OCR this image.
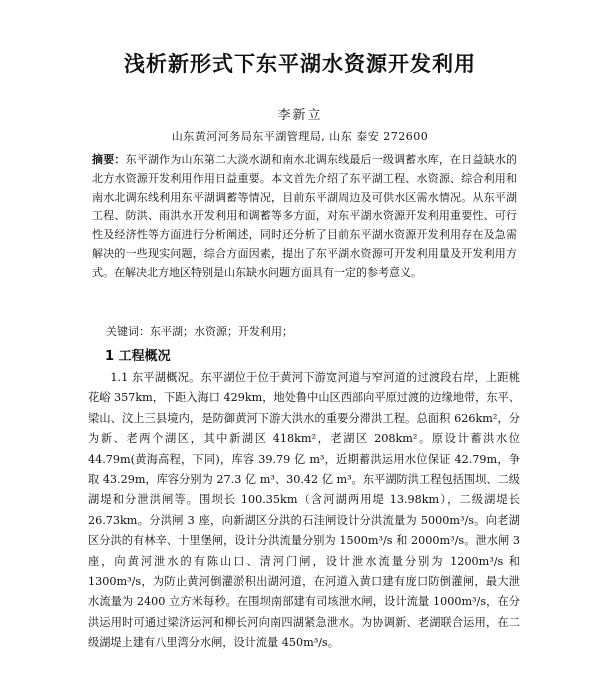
浅析新形式下东平湖水资源开发利用
李新立
山东黄河河务局东平湖管理局, 山东 泰安 272600
摘要：东平湖作为山东第二大淡水湖和南水北调东线最后一级调蓄水库，在日益缺水的北方水资源开发利用作用日益重要。本文首先介绍了东平湖工程、水资源、综合利用和南水北调东线利用东平湖调蓄等情况，目前东平湖周边及可供水区需水情况。从东平湖工程、防洪、雨洪水开发利用和调蓄等多方面，对东平湖水资源开发利用重要性、可行性及经济性等方面进行分析阐述，同时还分析了目前东平湖水资源开发利用存在及急需解决的一些现实问题，综合方面因素，提出了东平湖水资源可开发利用量及开发利用方式。在解决北方地区特别是山东缺水问题方面具有一定的参考意义。
关键词：东平湖；水资源；开发利用；
1 工程概况

1.1 东平湖概况。东平湖位于位于黄河下游宽河道与窄河道的过渡段右岸，上距桃花峪 357km，下距入海口 429km，地处鲁中山区西部向平原过渡的边缘地带，东平、梁山、汶上三县境内，是防御黄河下游大洪水的重要分滞洪工程。总面积 626km²，分为新、老两个湖区，其中新湖区 418km²，老湖区 208km²。原设计蓄洪水位 44.79m(黄海高程，下同)，库容 39.79 亿 m³，近期蓄洪运用水位保证 42.79m，争取 43.29m，库容分别为 27.3 亿 m³、30.42 亿 m³。东平湖防洪工程包括围坝、二级湖堤和分泄洪闸等。围坝长 100.35km（含河湖两用堤 13.98km），二级湖堤长 26.73km。分洪闸 3 座，向新湖区分洪的石洼闸设计分洪流量为 5000m³/s。向老湖区分洪的有林辛、十里堡闸，设计分洪流量分别为 1500m³/s 和 2000m³/s。泄水闸 3 座，向黄河泄水的有陈山口、清河门闸，设计泄水流量分别为 1200m³/s 和 1300m³/s，为防止黄河倒灌淤积出湖河道，在河道入黄口建有庞口防倒灌闸，最大泄水流量为 2400 立方米每秒。在围坝南部建有司垓泄水闸，设计流量 1000m³/s，在分洪运用时可通过梁济运河和柳长河向南四湖紧急泄水。为协调新、老湖联合运用，在二级湖堤上建有八里湾分水闸，设计流量 450m³/s。
